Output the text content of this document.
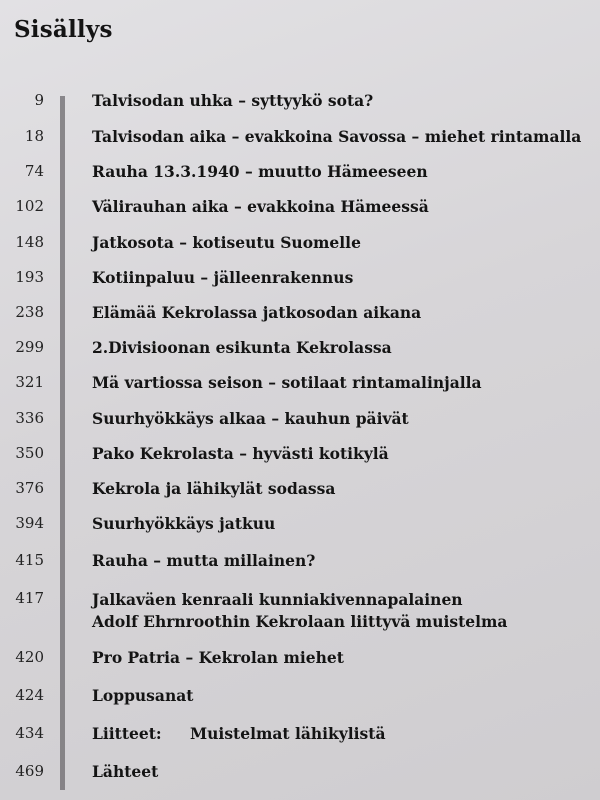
Sisällys
9	Talvisodan uhka – syttyykö sota?
18	Talvisodan aika – evakkoina Savossa – miehet rintamalla
74	Rauha 13.3.1940 – muutto Hämeeseen
102	Välirauhan aika – evakkoina Hämeessä
148	Jatkosota – kotiseutu Suomelle
193	Kotiinpaluu – jälleenrakennus
238	Elämää Kekrolassa jatkosodan aikana
299	2.Divisioonan esikunta Kekrolassa
321	Mä vartiossa seison – sotilaat rintamalinjalla
336	Suurhyökkäys alkaa – kauhun päivät
350	Pako Kekrolasta – hyvästi kotikylä
376	Kekrola ja lähikylät sodassa
394	Suurhyökkäys jatkuu
415	Rauha – mutta millainen?
417	Jalkaväen kenraali kunniakivennapalainen
Adolf Ehrnroothin Kekrolaan liittyvä muistelma
420	Pro Patria – Kekrolan miehet
424	Loppusanat
434	Liitteet: Muistelmat lähikylistä
469	Lähteet
